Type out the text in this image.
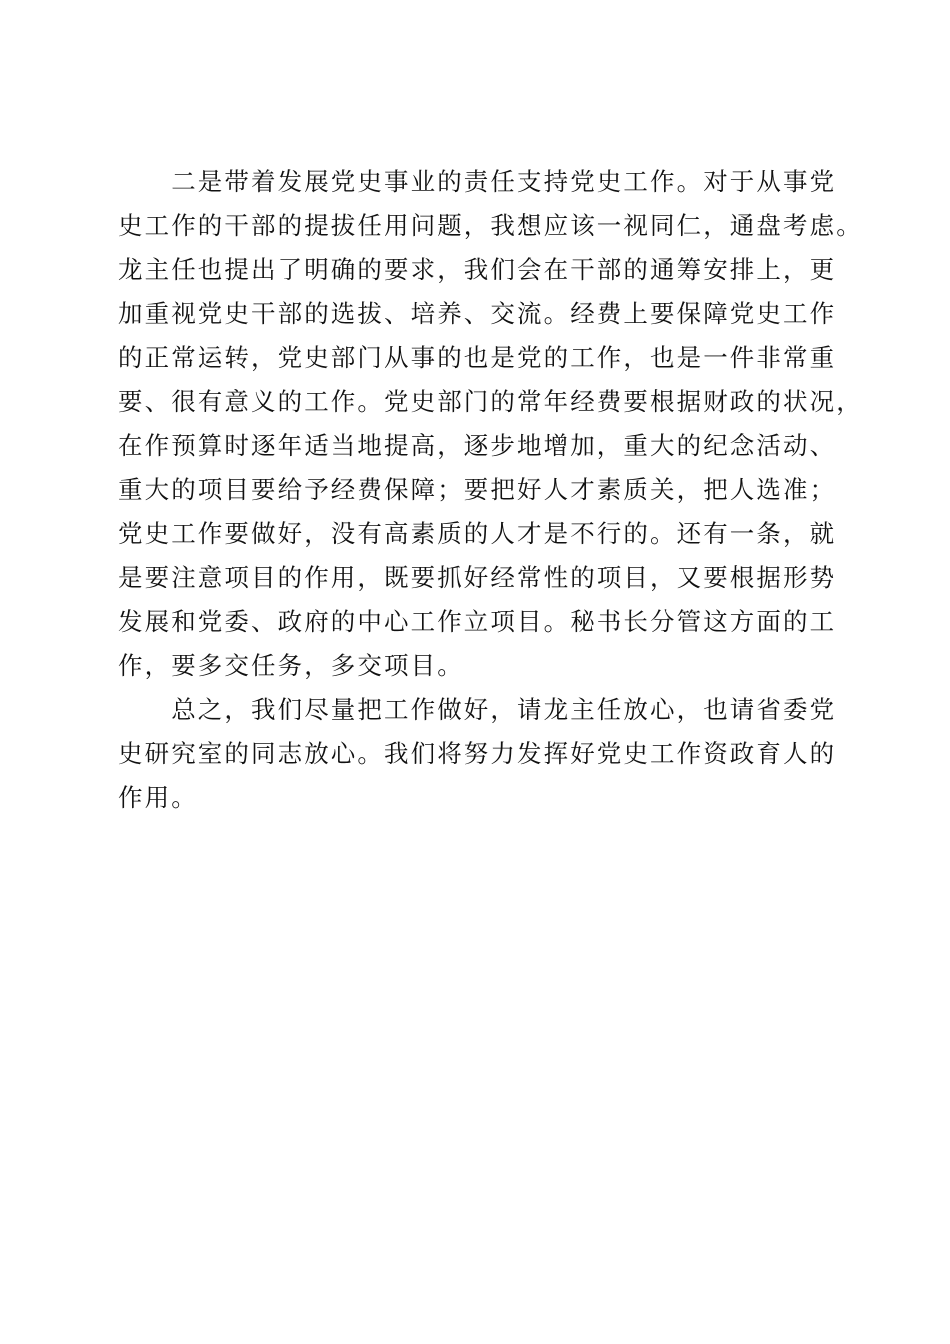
　　二是带着发展党史事业的责任支持党史工作。对于从事党
史工作的干部的提拔任用问题，我想应该一视同仁，通盘考虑。
龙主任也提出了明确的要求，我们会在干部的通筹安排上，更
加重视党史干部的选拔、培养、交流。经费上要保障党史工作
的正常运转，党史部门从事的也是党的工作，也是一件非常重
要、很有意义的工作。党史部门的常年经费要根据财政的状况，
在作预算时逐年适当地提高，逐步地增加，重大的纪念活动、
重大的项目要给予经费保障；要把好人才素质关，把人选准；
党史工作要做好，没有高素质的人才是不行的。还有一条，就
是要注意项目的作用，既要抓好经常性的项目，又要根据形势
发展和党委、政府的中心工作立项目。秘书长分管这方面的工
作，要多交任务，多交项目。
　　总之，我们尽量把工作做好，请龙主任放心，也请省委党
史研究室的同志放心。我们将努力发挥好党史工作资政育人的
作用。
